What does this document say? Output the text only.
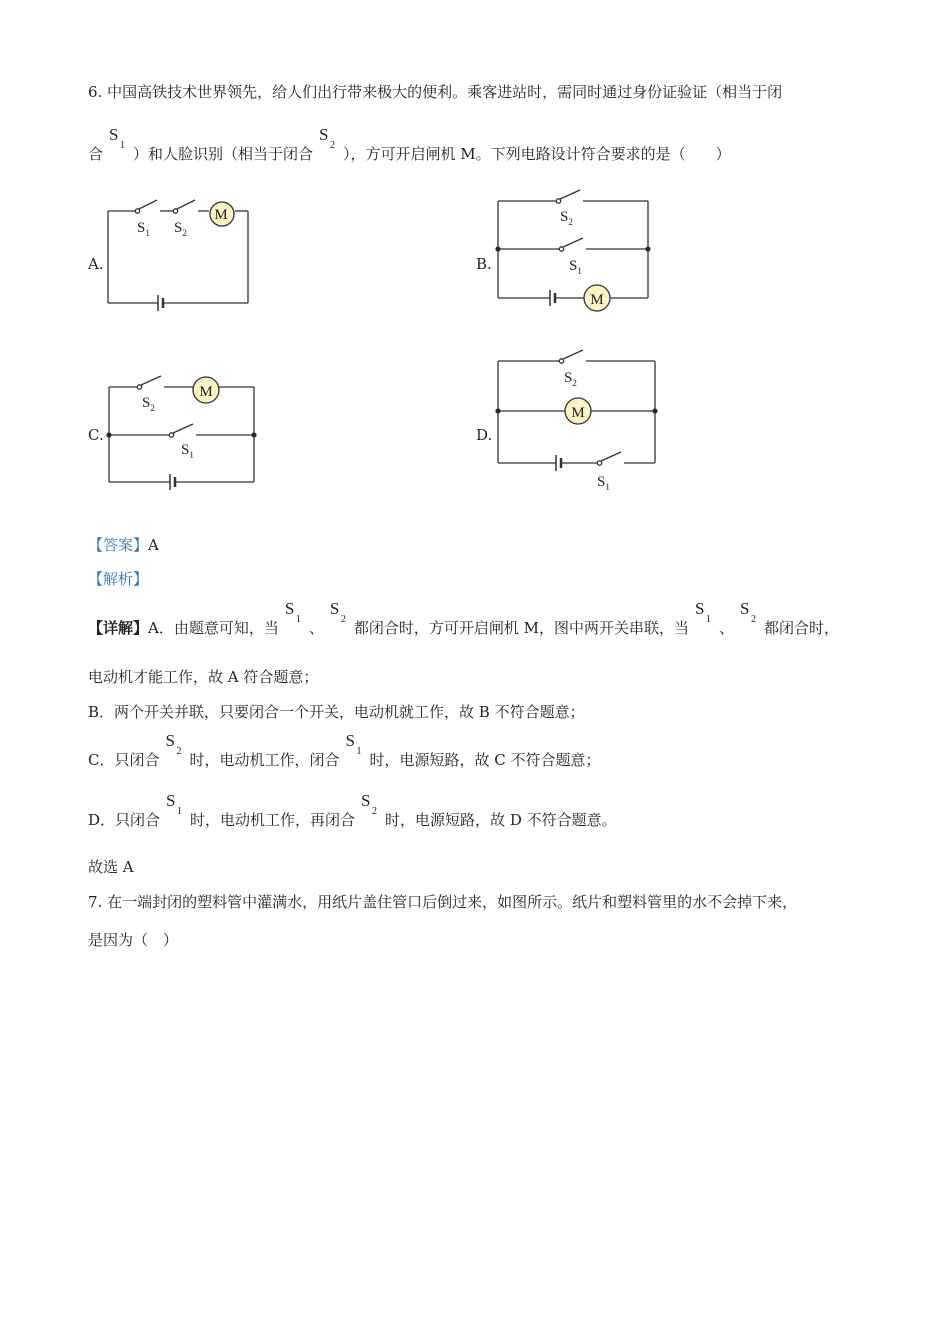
6. 中国高铁技术世界领先，给人们出行带来极大的便利。乘客进站时，需同时通过身份证验证（相当于闭
合
S
1 ）和人脸识别（相当于闭合
S
2 ），方可开启闸机 M。下列电路设计符合要求的是（　　）
A.	B.
C.	D.
M
M
M
M
$S_1$ $S_2$
$S_2$
$S_1$
$S_2$
$S_1$
$S_2$
$S_1$
【答案】A
【解析】
【详解】A．由题意可知，当
S
1 、
S
2 都闭合时，方可开启闸机 M，图中两开关串联，当
S
1 、
S
2 都闭合时，
电动机才能工作，故 A 符合题意；
B．两个开关并联，只要闭合一个开关，电动机就工作，故 B 不符合题意；
C．只闭合
S
2 时，电动机工作，闭合
S
1 时，电源短路，故 C 不符合题意；
D．只闭合
S
1 时，电动机工作，再闭合
S
2 时，电源短路，故 D 不符合题意。
故选 A
7. 在一端封闭的塑料管中灌满水，用纸片盖住管口后倒过来，如图所示。纸片和塑料管里的水不会掉下来，
是因为（　）
